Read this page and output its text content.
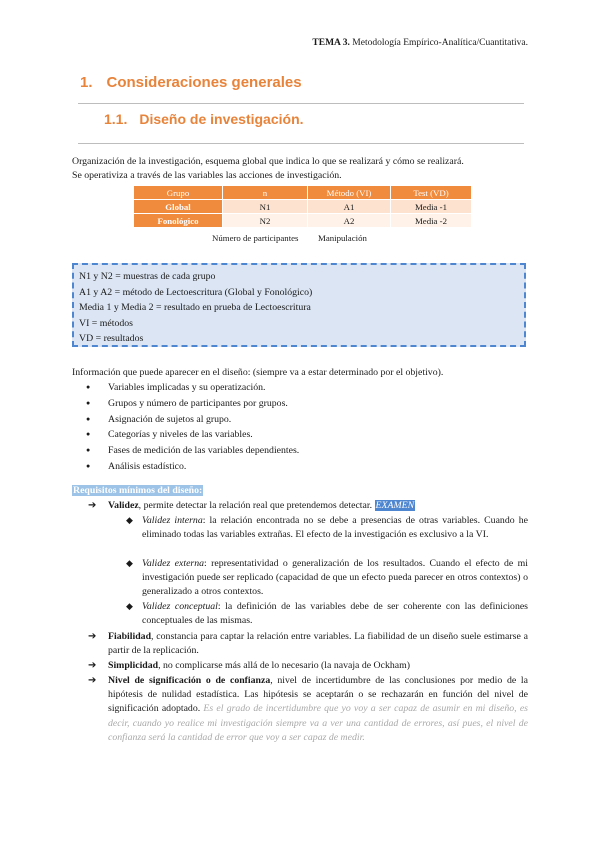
TEMA 3. Metodología Empírico-Analítica/Cuantitativa.
1. Consideraciones generales
1.1. Diseño de investigación.
Organización de la investigación, esquema global que indica lo que se realizará y cómo se realizará.
Se operativiza a través de las variables las acciones de investigación.
Grupo	n	Método (VI)	Test (VD)
Global	N1	A1	Media -1
Fonológico	N2	A2	Media -2
Número de participantes Manipulación
N1 y N2 = muestras de cada grupo
A1 y A2 = método de Lectoescritura (Global y Fonológico)
Media 1 y Media 2 = resultado en prueba de Lectoescritura
VI = métodos
VD = resultados
Información que puede aparecer en el diseño: (siempre va a estar determinado por el objetivo).
● Variables implicadas y su operatización.
● Grupos y número de participantes por grupos.
● Asignación de sujetos al grupo.
● Categorías y niveles de las variables.
● Fases de medición de las variables dependientes.
● Análisis estadístico.
Requisitos mínimos del diseño:
➔	Validez, permite detectar la relación real que pretendemos detectar. EXAMEN
◆ Validez interna: la relación encontrada no se debe a presencias de otras variables. Cuando he eliminado todas las variables extrañas. El efecto de la investigación es exclusivo a la VI.
◆ Validez externa: representatividad o generalización de los resultados. Cuando el efecto de mi investigación puede ser replicado (capacidad de que un efecto pueda parecer en otros contextos) o generalizado a otros contextos.
◆ Validez conceptual: la definición de las variables debe de ser coherente con las definiciones conceptuales de las mismas.
➔	Fiabilidad, constancia para captar la relación entre variables. La fiabilidad de un diseño suele estimarse a partir de la replicación.
➔	Simplicidad, no complicarse más allá de lo necesario (la navaja de Ockham)
➔	Nivel de significación o de confianza, nivel de incertidumbre de las conclusiones por medio de la hipótesis de nulidad estadística. Las hipótesis se aceptarán o se rechazarán en función del nivel de significación adoptado. Es el grado de incertidumbre que yo voy a ser capaz de asumir en mi diseño, es decir, cuando yo realice mi investigación siempre va a ver una cantidad de errores, así pues, el nivel de confianza será la cantidad de error que voy a ser capaz de medir.
